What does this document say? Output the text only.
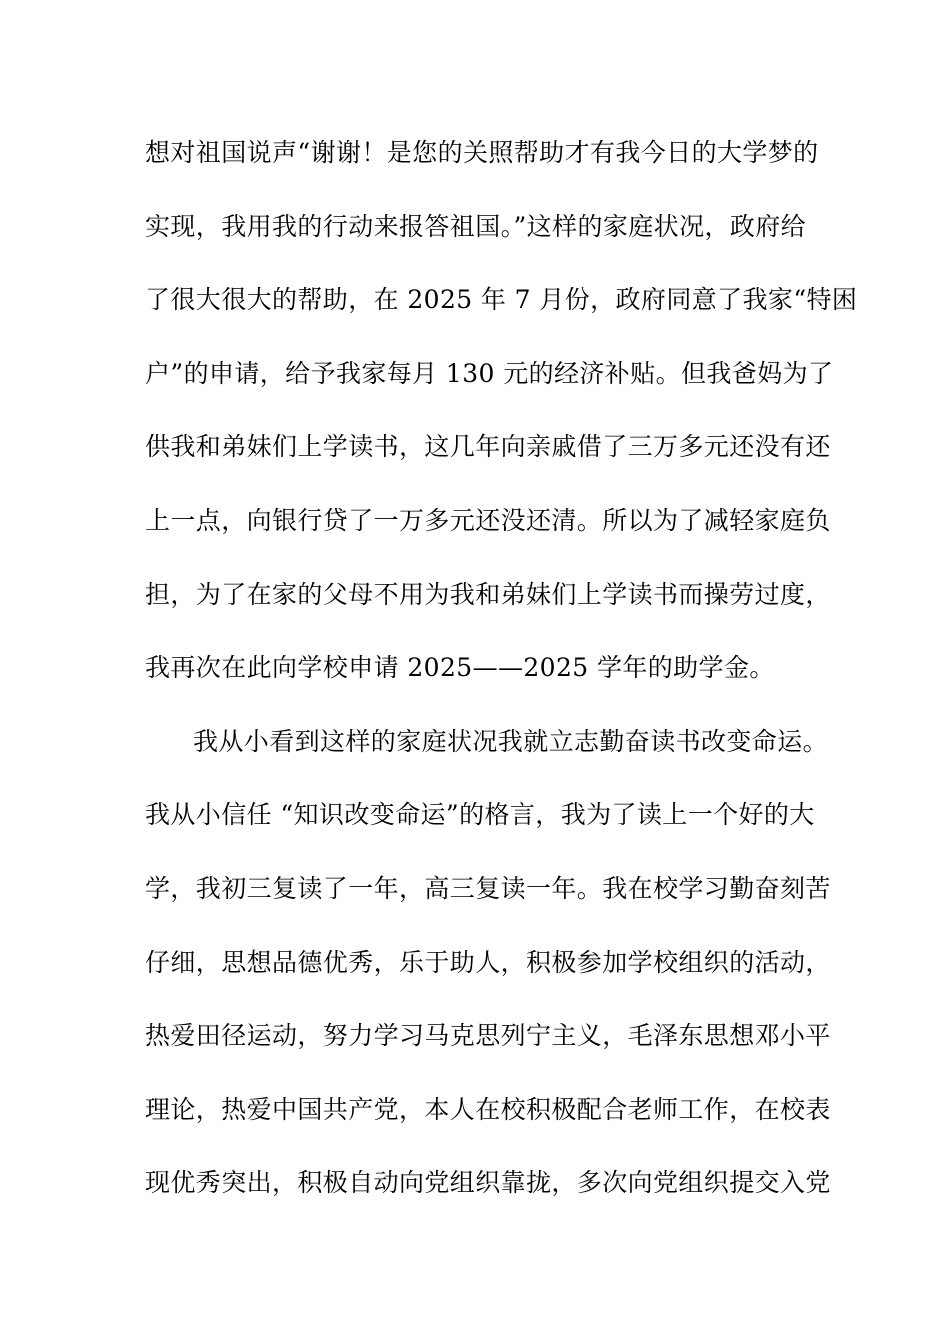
想对祖国说声“谢谢！是您的关照帮助才有我今日的大学梦的
实现，我用我的行动来报答祖国。”这样的家庭状况，政府给
了很大很大的帮助，在 2025 年 7 月份，政府同意了我家“特困
户”的申请，给予我家每月 130 元的经济补贴。但我爸妈为了
供我和弟妹们上学读书，这几年向亲戚借了三万多元还没有还
上一点，向银行贷了一万多元还没还清。所以为了减轻家庭负
担，为了在家的父母不用为我和弟妹们上学读书而操劳过度，
我再次在此向学校申请 2025——2025 学年的助学金。
我从小看到这样的家庭状况我就立志勤奋读书改变命运。
我从小信任 “知识改变命运”的格言，我为了读上一个好的大
学，我初三复读了一年，高三复读一年。我在校学习勤奋刻苦
仔细，思想品德优秀，乐于助人，积极参加学校组织的活动，
热爱田径运动，努力学习马克思列宁主义，毛泽东思想邓小平
理论，热爱中国共产党，本人在校积极配合老师工作，在校表
现优秀突出，积极自动向党组织靠拢，多次向党组织提交入党
